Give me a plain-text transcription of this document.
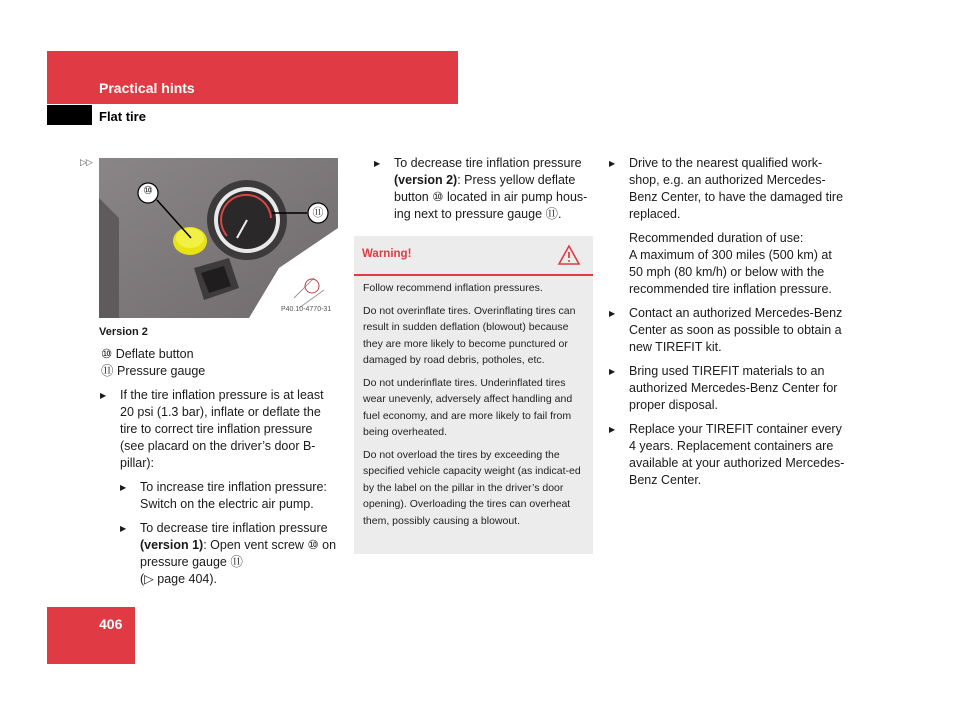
Practical hints
Flat tire
▷▷
⑩
⑪
P40.10-4770-31
Version 2

⑩ Deflate button

⑪ Pressure gauge

▶ If the tire inflation pressure is at least 20 psi (1.3 bar), inflate or deflate the tire to correct tire inflation pressure (see placard on the driver’s door B-pillar):

▶ To increase tire inflation pressure: Switch on the electric air pump.

▶ To decrease tire inflation pressure (version 1): Open vent screw ⑩ on pressure gauge ⑪
(▷ page 404).

▶ To decrease tire inflation pressure (version 2): Press yellow deflate button ⑩ located in air pump hous-ing next to pressure gauge ⑪.

Warning!

Follow recommend inflation pressures.

Do not overinflate tires. Overinflating tires can result in sudden deflation (blowout) because they are more likely to become punctured or damaged by road debris, potholes, etc.

Do not underinflate tires. Underinflated tires wear unevenly, adversely affect handling and fuel economy, and are more likely to fail from being overheated.

Do not overload the tires by exceeding the specified vehicle capacity weight (as indicat-ed by the label on the pillar in the driver’s door opening). Overloading the tires can overheat them, possibly causing a blowout.

▶ Drive to the nearest qualified work-shop, e.g. an authorized Mercedes-Benz Center, to have the damaged tire replaced.

Recommended duration of use:
A maximum of 300 miles (500 km) at 50 mph (80 km/h) or below with the recommended tire inflation pressure.

▶ Contact an authorized Mercedes-Benz Center as soon as possible to obtain a new TIREFIT kit.

▶ Bring used TIREFIT materials to an authorized Mercedes-Benz Center for proper disposal.

▶ Replace your TIREFIT container every 4 years. Replacement containers are available at your authorized Mercedes-Benz Center.

406
